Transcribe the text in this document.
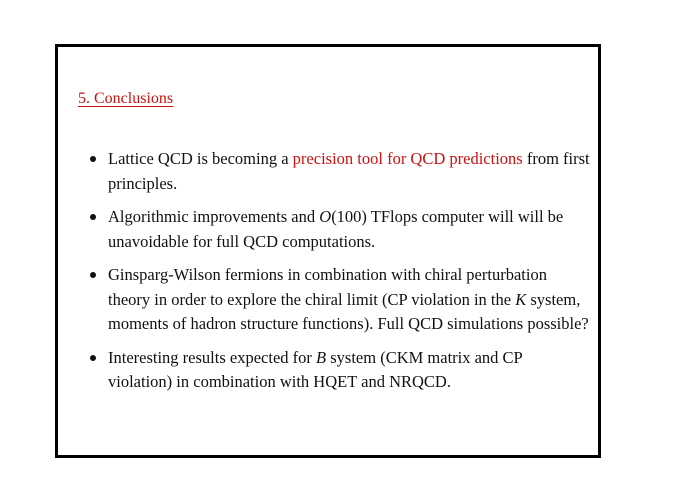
5. Conclusions
Lattice QCD is becoming a precision tool for QCD predictions from first principles.
Algorithmic improvements and O(100) TFlops computer will will be unavoidable for full QCD computations.
Ginsparg-Wilson fermions in combination with chiral perturbation theory in order to explore the chiral limit (CP violation in the K system, moments of hadron structure functions). Full QCD simulations possible?
Interesting results expected for B system (CKM matrix and CP violation) in combination with HQET and NRQCD.
